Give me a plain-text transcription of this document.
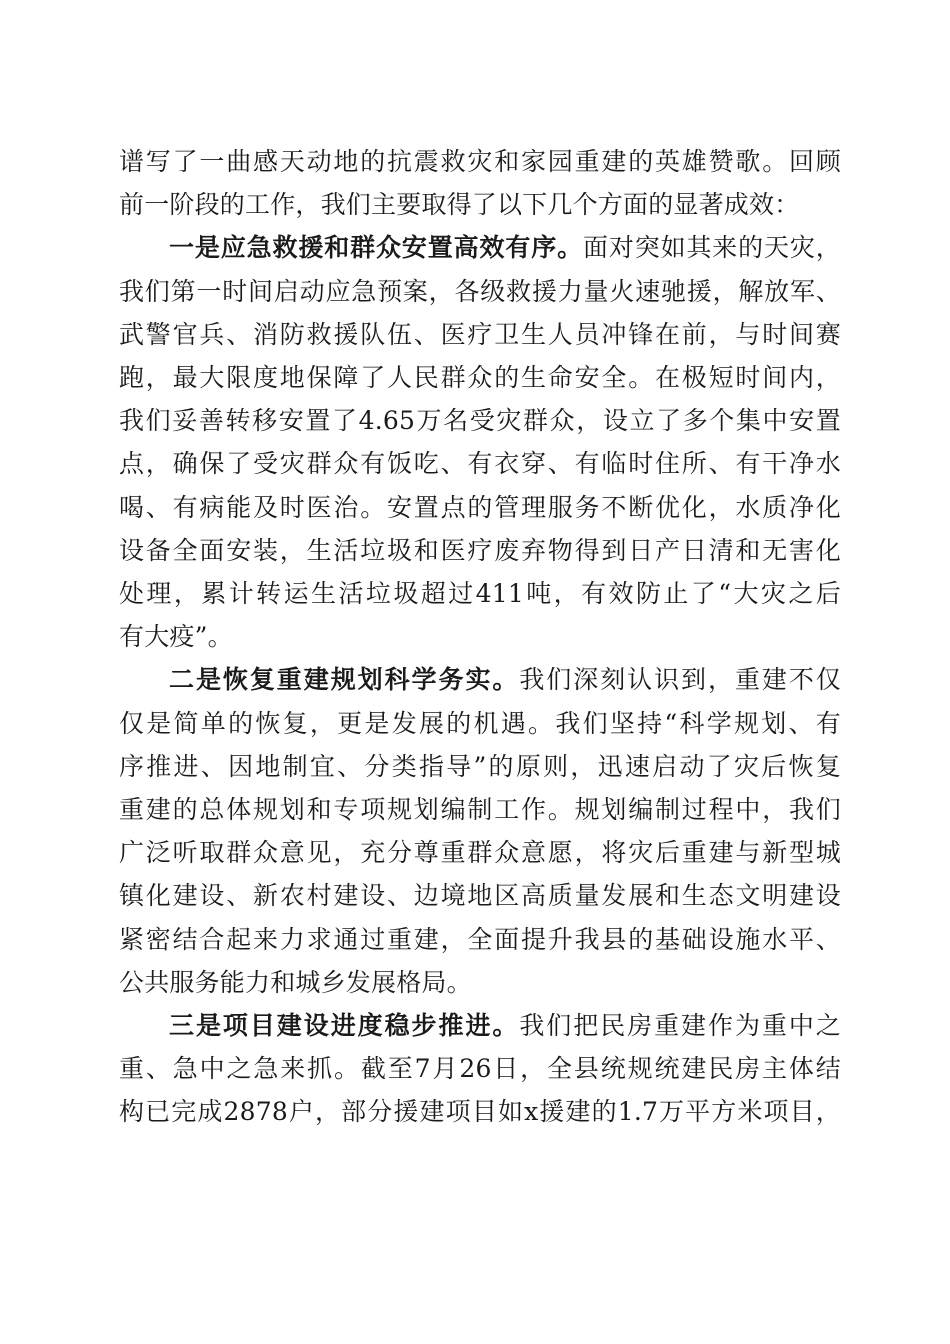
谱写了一曲感天动地的抗震救灾和家园重建的英雄赞歌。回顾
前一阶段的工作，我们主要取得了以下几个方面的显著成效：
一是应急救援和群众安置高效有序。面对突如其来的天灾，
我们第一时间启动应急预案，各级救援力量火速驰援，解放军、
武警官兵、消防救援队伍、医疗卫生人员冲锋在前，与时间赛
跑，最大限度地保障了人民群众的生命安全。在极短时间内，
我们妥善转移安置了4.65万名受灾群众，设立了多个集中安置
点，确保了受灾群众有饭吃、有衣穿、有临时住所、有干净水
喝、有病能及时医治。安置点的管理服务不断优化，水质净化
设备全面安装，生活垃圾和医疗废弃物得到日产日清和无害化
处理，累计转运生活垃圾超过411吨，有效防止了“大灾之后
有大疫”。
二是恢复重建规划科学务实。我们深刻认识到，重建不仅
仅是简单的恢复，更是发展的机遇。我们坚持“科学规划、有
序推进、因地制宜、分类指导”的原则，迅速启动了灾后恢复
重建的总体规划和专项规划编制工作。规划编制过程中，我们
广泛听取群众意见，充分尊重群众意愿，将灾后重建与新型城
镇化建设、新农村建设、边境地区高质量发展和生态文明建设
紧密结合起来力求通过重建，全面提升我县的基础设施水平、
公共服务能力和城乡发展格局。
三是项目建设进度稳步推进。我们把民房重建作为重中之
重、急中之急来抓。截至7月26日，全县统规统建民房主体结
构已完成2878户，部分援建项目如x援建的1.7万平方米项目，
